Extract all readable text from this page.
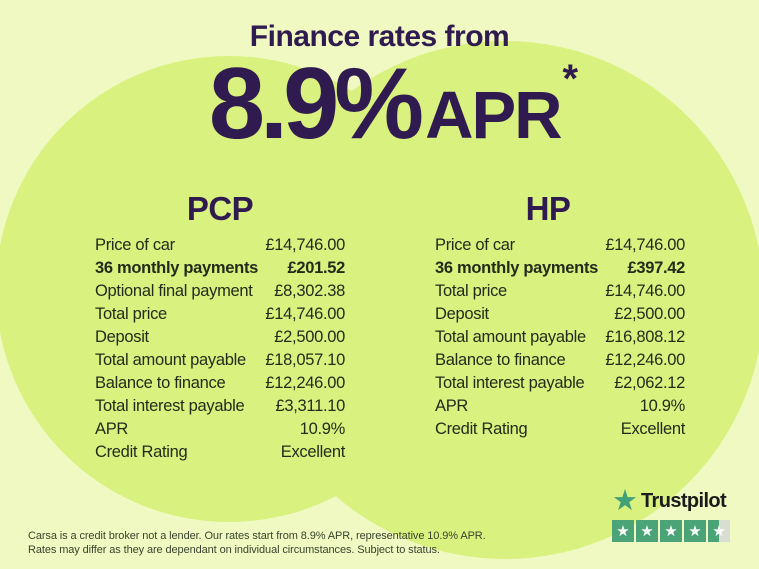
Finance rates from
8.9% APR *
PCP	HP
Price of car	£14,746.00
36 monthly payments £201.52
Optional final payment £8,302.38
Total price	£14,746.00
Deposit	£2,500.00
Total amount payable £18,057.10
Balance to finance £12,246.00
Total interest payable £3,311.10
APR	10.9%
Credit Rating	Excellent
Price of car	£14,746.00
36 monthly payments £397.42
Total price	£14,746.00
Deposit	£2,500.00
Total amount payable £16,808.12
Balance to finance £12,246.00
Total interest payable £2,062.12
APR	10.9%
Credit Rating	Excellent
Carsa is a credit broker not a lender. Our rates start from 8.9% APR, representative 10.9% APR.
Rates may differ as they are dependant on individual circumstances. Subject to status.
★
Trustpilot
★
★
★
★
★
